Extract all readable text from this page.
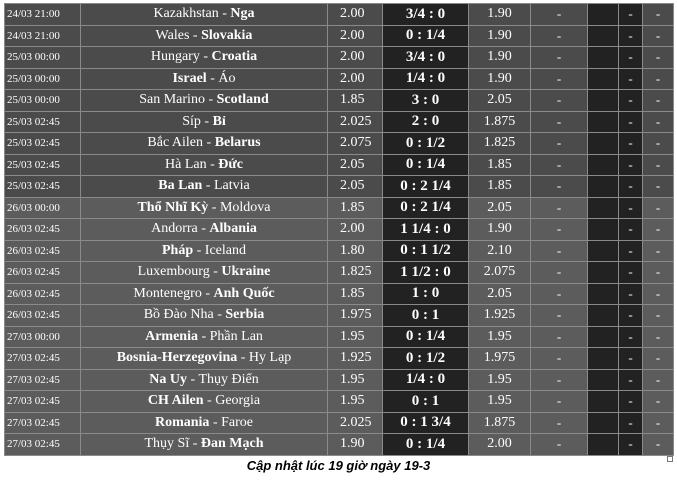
24/03 21:00	Kazakhstan - Nga	2.00	3/4 : 0	1.90	-		-	-
24/03 21:00	Wales - Slovakia	2.00	0 : 1/4	1.90	-		-	-
25/03 00:00	Hungary - Croatia	2.00	3/4 : 0	1.90	-		-	-
25/03 00:00	Israel - Áo	2.00	1/4 : 0	1.90	-		-	-
25/03 00:00	San Marino - Scotland	1.85	3 : 0	2.05	-		-	-
25/03 02:45	Síp - Bỉ	2.025	2 : 0	1.875	-		-	-
25/03 02:45	Bắc Ailen - Belarus	2.075	0 : 1/2	1.825	-		-	-
25/03 02:45	Hà Lan - Đức	2.05	0 : 1/4	1.85	-		-	-
25/03 02:45	Ba Lan - Latvia	2.05	0 : 2 1/4	1.85	-		-	-
26/03 00:00	Thổ Nhĩ Kỳ - Moldova	1.85	0 : 2 1/4	2.05	-		-	-
26/03 02:45	Andorra - Albania	2.00	1 1/4 : 0	1.90	-		-	-
26/03 02:45	Pháp - Iceland	1.80	0 : 1 1/2	2.10	-		-	-
26/03 02:45	Luxembourg - Ukraine	1.825	1 1/2 : 0	2.075	-		-	-
26/03 02:45	Montenegro - Anh Quốc	1.85	1 : 0	2.05	-		-	-
26/03 02:45	Bồ Đào Nha - Serbia	1.975	0 : 1	1.925	-		-	-
27/03 00:00	Armenia - Phần Lan	1.95	0 : 1/4	1.95	-		-	-
27/03 02:45	Bosnia-Herzegovina - Hy Lạp	1.925	0 : 1/2	1.975	-		-	-
27/03 02:45	Na Uy - Thụy Điển	1.95	1/4 : 0	1.95	-		-	-
27/03 02:45	CH Ailen - Georgia	1.95	0 : 1	1.95	-		-	-
27/03 02:45	Romania - Faroe	2.025	0 : 1 3/4	1.875	-		-	-
27/03 02:45	Thụy Sĩ - Đan Mạch	1.90	0 : 1/4	2.00	-		-	-
Cập nhật lúc 19 giờ ngày 19-3
